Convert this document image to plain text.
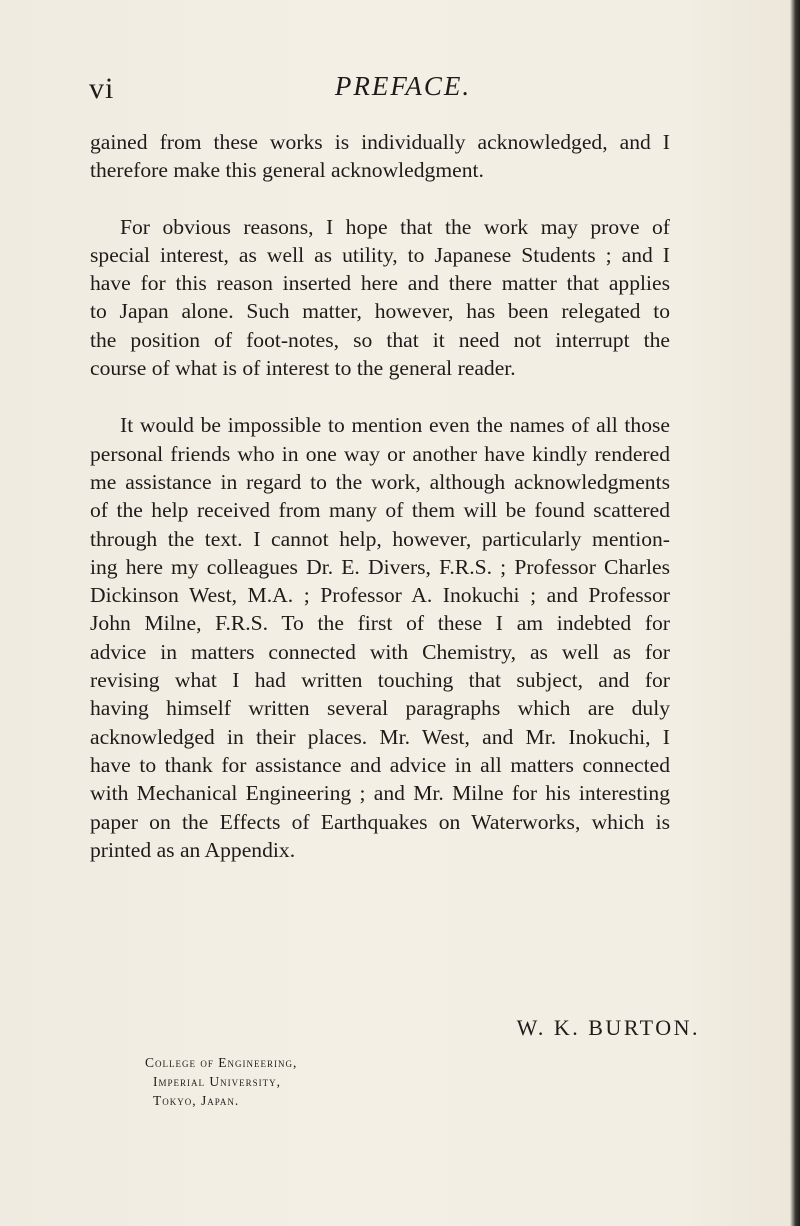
vi	PREFACE.

gained from these works is individually acknowledged, and I
therefore make this general acknowledgment.

For obvious reasons, I hope that the work may prove of
special interest, as well as utility, to Japanese Students ; and I
have for this reason inserted here and there matter that applies
to Japan alone. Such matter, however, has been relegated to
the position of foot-notes, so that it need not interrupt the
course of what is of interest to the general reader.

It would be impossible to mention even the names of all those
personal friends who in one way or another have kindly rendered
me assistance in regard to the work, although acknowledgments
of the help received from many of them will be found scattered
through the text. I cannot help, however, particularly mention-
ing here my colleagues Dr. E. Divers, F.R.S. ; Professor Charles
Dickinson West, M.A. ; Professor A. Inokuchi ; and Professor
John Milne, F.R.S. To the first of these I am indebted for
advice in matters connected with Chemistry, as well as for
revising what I had written touching that subject, and for
having himself written several paragraphs which are duly
acknowledged in their places. Mr. West, and Mr. Inokuchi, I
have to thank for assistance and advice in all matters connected
with Mechanical Engineering ; and Mr. Milne for his interesting
paper on the Effects of Earthquakes on Waterworks, which is
printed as an Appendix.

W. K. BURTON.
College of Engineering,
Imperial University,
Tokyo, Japan.
